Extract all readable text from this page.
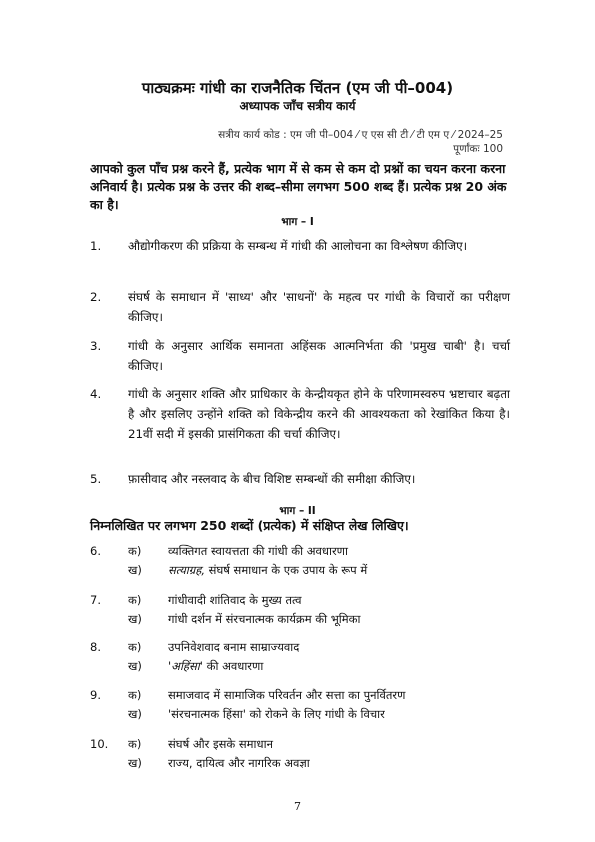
पाठ्यक्रमः गांधी का राजनैतिक चिंतन (एम जी पी–004)
अध्यापक जाँच सत्रीय कार्य
सत्रीय कार्य कोड : एम जी पी–004 ⁄ ए एस सी टी ⁄ टी एम ए ⁄ 2024–25
पूर्णांकः 100
आपको कुल पाँच प्रश्न करने हैं, प्रत्येक भाग में से कम से कम दो प्रश्नों का चयन करना करना अनिवार्य है। प्रत्येक प्रश्न के उत्तर की शब्द–सीमा लगभग 500 शब्द हैं। प्रत्येक प्रश्न 20 अंक का है।
भाग – I
1.	औद्योगीकरण की प्रक्रिया के सम्बन्ध में गांधी की आलोचना का विश्लेषण कीजिए।
2.	संघर्ष के समाधान में 'साध्य' और 'साधनों' के महत्व पर गांधी के विचारों का परीक्षण कीजिए।
3.	गांधी के अनुसार आर्थिक समानता अहिंसक आत्मनिर्भता की 'प्रमुख चाबी' है। चर्चा कीजिए।
4.	गांधी के अनुसार शक्ति और प्राधिकार के केन्द्रीयकृत होने के परिणामस्वरुप भ्रष्टाचार बढ़ता है और इसलिए उन्होंने शक्ति को विकेन्द्रीय करने की आवश्यकता को रेखांकित किया है। 21वीं सदी में इसकी प्रासंगिकता की चर्चा कीजिए।
5.	फ़ासीवाद और नस्लवाद के बीच विशिष्ट सम्बन्धों की समीक्षा कीजिए।
भाग – II
निम्नलिखित पर लगभग 250 शब्दों (प्रत्येक) में संक्षिप्त लेख लिखिए।
6.	क)	व्यक्तिगत स्वायत्तता की गांधी की अवधारणा
ख)	सत्याग्रह, संघर्ष समाधान के एक उपाय के रूप में
7.	क)	गांधीवादी शांतिवाद के मुख्य तत्व
ख)	गांधी दर्शन में संरचनात्मक कार्यक्रम की भूमिका
8.	क)	उपनिवेशवाद बनाम साम्राज्यवाद
ख)	'अहिंसा' की अवधारणा
9.	क)	समाजवाद में सामाजिक परिवर्तन और सत्ता का पुनर्वितरण
ख)	'संरचनात्मक हिंसा' को रोकने के लिए गांधी के विचार
10.	क)	संघर्ष और इसके समाधान
ख)	राज्य, दायित्व और नागरिक अवज्ञा
7
